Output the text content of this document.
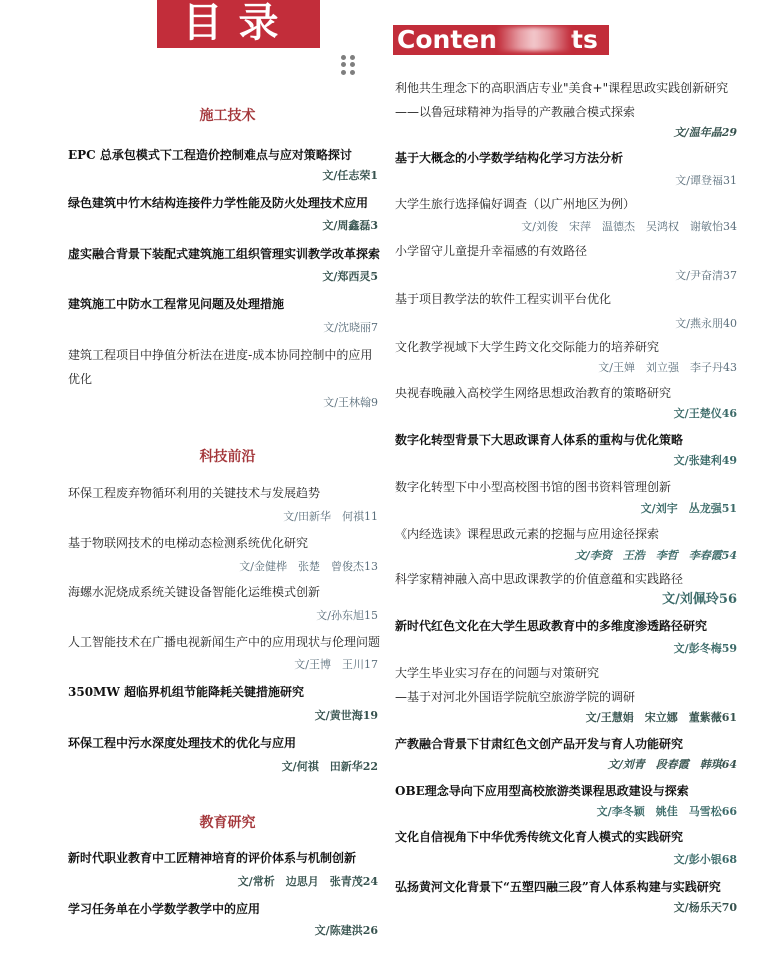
目录	Conten	ts
施工技术
EPC 总承包模式下工程造价控制难点与应对策略探讨
文/任志荣1
绿色建筑中竹木结构连接件力学性能及防火处理技术应用
文/周鑫磊3
虚实融合背景下装配式建筑施工组织管理实训教学改革探索
文/郑西灵5
建筑施工中防水工程常见问题及处理措施
文/沈晓丽7
建筑工程项目中挣值分析法在进度-成本协同控制中的应用优化
文/王林翰9
科技前沿
环保工程废弃物循环利用的关键技术与发展趋势
文/田新华　何祺11
基于物联网技术的电梯动态检测系统优化研究
文/金健桦　张楚　曾俊杰13
海螺水泥烧成系统关键设备智能化运维模式创新
文/孙东旭15
人工智能技术在广播电视新闻生产中的应用现状与伦理问题
文/王博　王川17
350MW 超临界机组节能降耗关键措施研究
文/黄世海19
环保工程中污水深度处理技术的优化与应用
文/何祺　田新华22
教育研究
新时代职业教育中工匠精神培育的评价体系与机制创新
文/常析　边思月　张青茂24
学习任务单在小学数学教学中的应用
文/陈建洪26
利他共生理念下的高职酒店专业"美食+"课程思政实践创新研究——以鲁冠球精神为指导的产教融合模式探索
文/温年晶29
基于大概念的小学数学结构化学习方法分析
文/谭登福31
大学生旅行选择偏好调查（以广州地区为例）
文/刘俊　宋萍　温德杰　吴鸿权　谢敏怡34
小学留守儿童提升幸福感的有效路径
文/尹奋清37
基于项目教学法的软件工程实训平台优化
文/燕永朋40
文化教学视域下大学生跨文化交际能力的培养研究
文/王婵　刘立强　李子丹43
央视春晚融入高校学生网络思想政治教育的策略研究
文/王楚仪46
数字化转型背景下大思政课育人体系的重构与优化策略
文/张建利49
数字化转型下中小型高校图书馆的图书资料管理创新
文/刘宇　丛龙强51
《内经选读》课程思政元素的挖掘与应用途径探索
文/李资　王浩　李哲　李春霞54
科学家精神融入高中思政课教学的价值意蕴和实践路径
文/刘佩玲56
新时代红色文化在大学生思政教育中的多维度渗透路径研究
文/彭冬梅59
大学生毕业实习存在的问题与对策研究
—基于对河北外国语学院航空旅游学院的调研
文/王慧娟　宋立娜　董紫薇61
产教融合背景下甘肃红色文创产品开发与育人功能研究
文/刘青　段春霞　韩琪64
OBE理念导向下应用型高校旅游类课程思政建设与探索
文/李冬颖　姚佳　马雪松66
文化自信视角下中华优秀传统文化育人模式的实践研究
文/彭小银68
弘扬黄河文化背景下“五塑四融三段”育人体系构建与实践研究
文/杨乐天70
